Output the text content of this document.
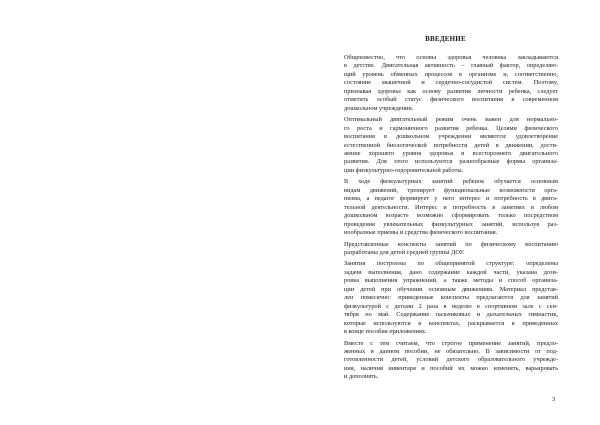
ВВЕДЕНИЕ
Общеизвестно, что основы здоровья человека закладываются
в детстве. Двигательная активность – главный фактор, определяю-
щий уровень обменных процессов в организме и, соответственно,
состояние мышечной и сердечно-сосудистой систем. Поэтому,
признавая здоровье как основу развития личности ребенка, следует
отметить особый статус физического воспитания в современном
дошкольном учреждении.
Оптимальный двигательный режим очень важен для нормально-
го роста и гармоничного развития ребенка. Целями физического
воспитания в дошкольном учреждении являются: удовлетворение
естественной биологической потребности детей в движении, дости-
жение хорошего уровня здоровья и всестороннего двигательного
развития. Для этого используются разнообразные формы организа-
ции физкультурно-оздоровительной работы.
В ходе физкультурных занятий ребенок обучается основным
видам движений, тренирует функциональные возможности орга-
низма, а педагог формирует у него интерес и потребность в двига-
тельной деятельности. Интерес и потребность в занятиях в любом
дошкольном возрасте возможно сформировать только посредством
проведения увлекательных физкультурных занятий, используя раз-
нообразные приемы и средства физического воспитания.
Представленные конспекты занятий по физическому воспитанию
разработаны для детей средней группы ДОУ.
Занятия построены по общепринятой структуре: определены
задачи выполнения, дано содержание каждой части, указана дози-
ровка выполнения упражнений, а также методы и способ организа-
ции детей при обучении основным движениям. Материал представ-
лен помесячно: приведенные конспекты предлагаются для занятий
физкультурой с детьми 2 раза в неделю в спортивном зале с сен-
тября по май. Содержание пальчиковых и дыхательных гимнастик,
которые используются в конспектах, раскрывается в приведенных
в конце пособия приложениях.
Вместе с тем считаем, что строгое применение занятий, предло-
женных в данном пособии, не обязательно. В зависимости от под-
готовленности детей, условий детского образовательного учрежде-
ния, наличия инвентаря и пособий их можно изменить, варьировать
и дополнять.
3
